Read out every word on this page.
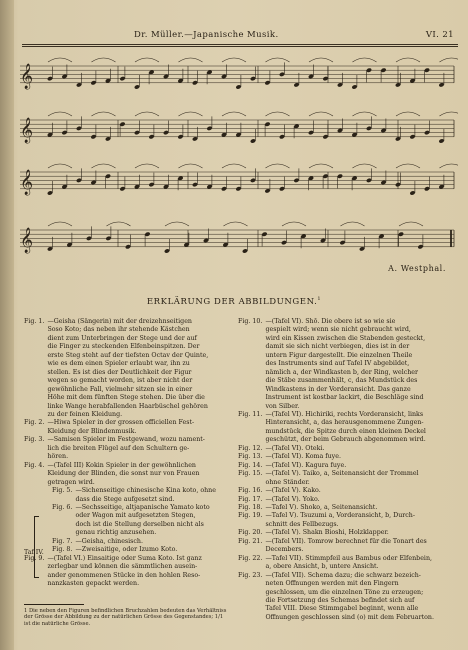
Dr. Müller.—Japanische Musik.	VI. 21
𝄞
𝄞
𝄞
𝄞
A. Westphal.
ERKLÄRUNG DER ABBILDUNGEN.$^1$
Fig. 1. —Geisha (Sängerin) mit der dreizehnseitigen
Soso Koto; das neben ihr stehende Kästchen
dient zum Unterbringen der Stege und der auf
die Finger zu steckenden Elfenbeinspitzen. Der
erste Steg steht auf der tiefsten Octav der Quinte,
wie es dem einen Spieler erlaubt war, ihn zu
stellen. Es ist dies der Deutlichkeit der Figur
wegen so gemacht worden, ist aber nicht der
gewöhnliche Fall, vielmehr sitzen sie in einer
Höhe mit dem fünften Stege stehen. Die über die
linke Wange herabfallenden Haarbüschel gehören
zu der feinen Kleidung.
Fig. 2. —Hiwa Spieler in der grossen officiellen Fest-
Kleidung der Blindenmusik.
Fig. 3. —Samisen Spieler im Festgewand, wozu nament-
lich die breiten Flügel auf den Schultern ge-
hören.
Fig. 4. —(Tafel III) Kokin Spieler in der gewöhnlichen
Kleidung der Blinden, die sonst nur von Frauen
getragen wird.
Fig. 5. —Sichenseitige chinesische Kina koto, ohne
dass die Stege aufgesetzt sind.
Fig. 6. —Sechsseitige, altjapanische Yamato koto
oder Wagon mit aufgesetzten Stegen,
doch ist die Stellung derselben nicht als
genau richtig anzusehen.
Fig. 7. —Geisha, chinesisch.
Fig. 8. —Zweisaitige, oder Izumo Koto.
Fig. 9. —(Tafel VI.) Einsaitige oder Suma Koto. Ist ganz
zerlegbar und können die sämmtlichen ausein-
ander genommenen Stücke in den hohlen Reso-
nanzkasten gepackt werden.
Fig. 10. —(Tafel VI). Shō. Die obere ist so wie sie
gespielt wird; wenn sie nicht gebraucht wird,
wird ein Kissen zwischen die Stabenden gesteckt,
damit sie sich nicht verbiegen, dies ist in der
untern Figur dargestellt. Die einzelnen Theile
des Instruments sind auf Tafel IV abgebildet,
nämlich a, der Windkasten b, der Ring, welcher
die Stäbe zusammenhält, c, das Mundstück des
Windkastens in der Vorderansicht. Das ganze
Instrument ist kostbar lackirt, die Beschläge sind
von Silber.
Fig. 11. —(Tafel VI). Hichiriki, rechts Vorderansicht, links
Hinteransicht, a, das herausgenommene Zungen-
mundstück, die Spitze durch einen kleinen Deckel
geschützt, der beim Gebrauch abgenommen wird.
Fig. 12. —(Tafel VI). Ōteki.
Fig. 13. —(Tafel VI). Koma fuye.
Fig. 14. —(Tafel VI). Kagura fuye.
Fig. 15. —(Tafel V). Taiko, a, Seitenansicht der Trommel
ohne Ständer.
Fig. 16. —(Tafel V). Kako.
Fig. 17. —(Tafel V). Yoko.
Fig. 18. —Tafel V). Shoko, a, Seitenansicht.
Fig. 19. —Tafel V). Tsuzumi a, Vorderansicht, b, Durch-
schnitt des Fellbezugs.
Fig. 20. —(Tafel V). Shakn Bioshi, Holzklapper.
Fig. 21. —(Tafel VII). Tomrow berechnet für die Tonart des
Decembers.
Fig. 22. —Tafel VII). Stimmpfeil aus Bambus oder Elfenbein,
a, obere Ansicht, b, untere Ansicht.
Fig. 23. —(Tafel VII). Schema dazu; die schwarz bezeich-
neten Öffnungen werden mit den Fingern
geschlossen, um die einzelnen Töne zu erzeugen;
die Fortsetzung des Schemas befindet sich auf
Tafel VIII. Diese Stimmgabel beginnt, wenn alle
Öffnungen geschlossen sind (o) mit dem Februarton.
Taf IV.
1 Die neben den Figuren befindlichen Bruchzahlen bedeuten das Verhältniss der Grösse der Abbildung zu der natürlichen Grösse des Gegenstandes; 1/1 ist die natürliche Grösse.
